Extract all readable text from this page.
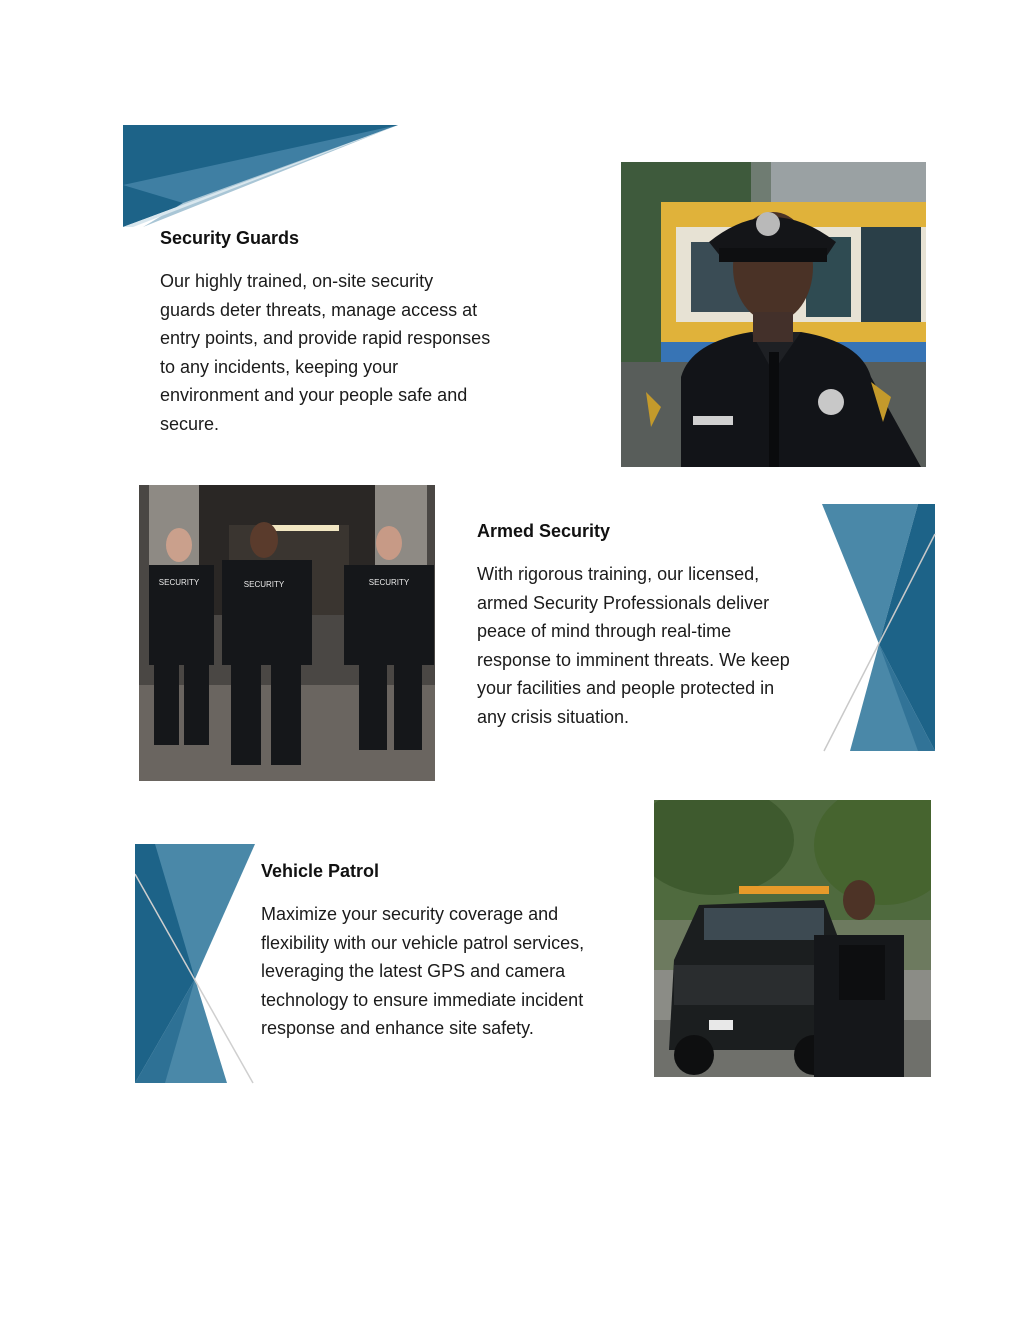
Security Guards

Our highly trained, on-site security

guards deter threats, manage access at

entry points, and provide rapid responses

to any incidents, keeping your

environment and your people safe and

secure.

SECURITY	SECURITY	SECURITY
Armed Security

With rigorous training, our licensed,

armed Security Professionals deliver

peace of mind through real-time

response to imminent threats. We keep

your facilities and people protected in

any crisis situation.

Vehicle Patrol

Maximize your security coverage and

flexibility with our vehicle patrol services,

leveraging the latest GPS and camera

technology to ensure immediate incident

response and enhance site safety.
